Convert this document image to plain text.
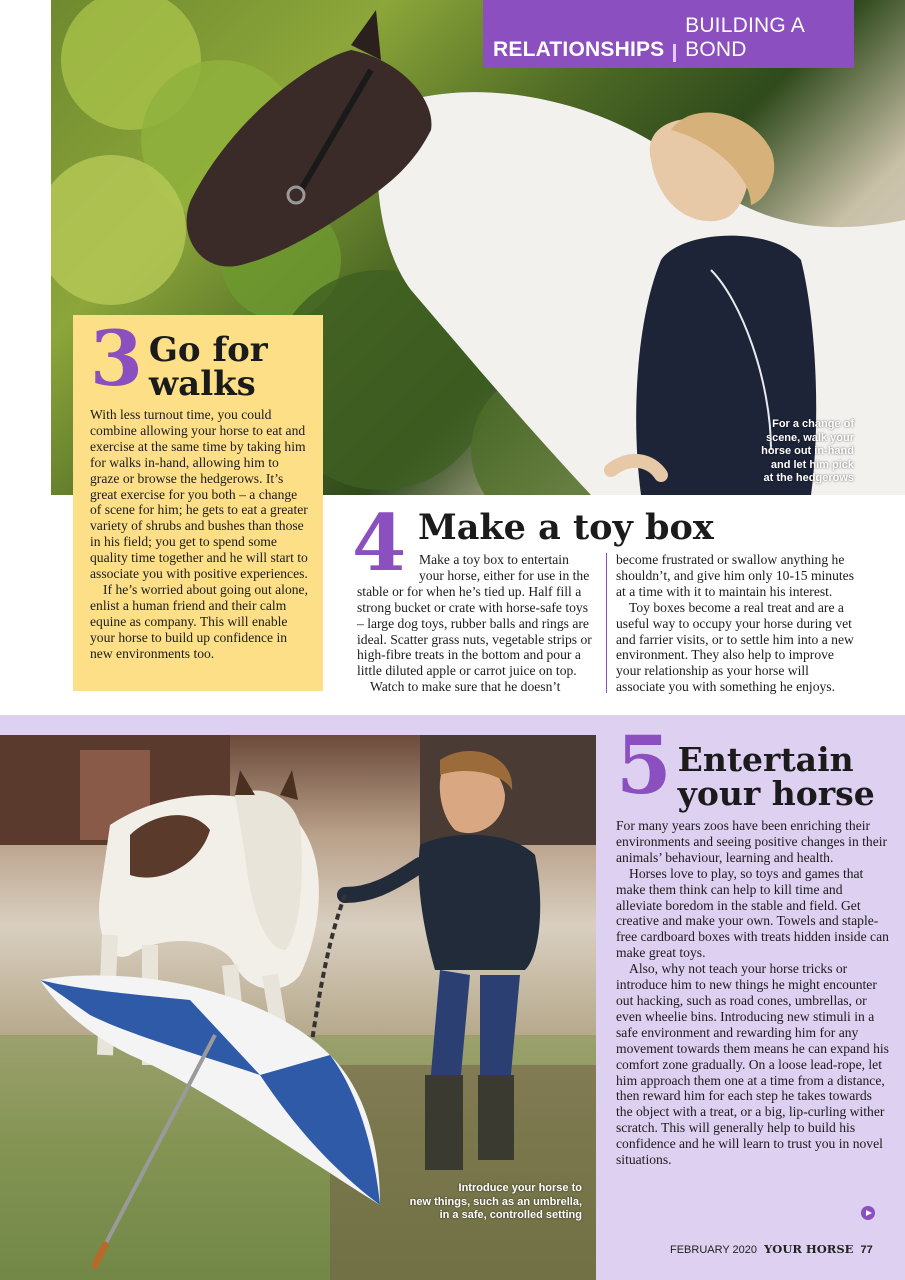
RELATIONSHIPS
BUILDING A BOND
For a change of
scene, walk your
horse out in-hand
and let him pick
at the hedgerows
3 Go for walks

With less turnout time, you could combine allowing your horse to eat and exercise at the same time by taking him for walks in-hand, allowing him to graze or browse the hedgerows. It’s great exercise for you both – a change of scene for him; he gets to eat a greater variety of shrubs and bushes than those in his field; you get to spend some quality time together and he will start to associate you with positive experiences.

If he’s worried about going out alone, enlist a human friend and their calm equine as company. This will enable your horse to build up confidence in new environments too.

4 Make a toy box

Make a toy box to entertain your horse, either for use in the

stable or for when he’s tied up. Half fill a strong bucket or crate with horse-safe toys – large dog toys, rubber balls and rings are ideal. Scatter grass nuts, vegetable strips or high-fibre treats in the bottom and pour a little diluted apple or carrot juice on top.

Watch to make sure that he doesn’t

become frustrated or swallow anything he shouldn’t, and give him only 10-15 minutes at a time with it to maintain his interest.

Toy boxes become a real treat and are a useful way to occupy your horse during vet and farrier visits, or to settle him into a new environment. They also help to improve your relationship as your horse will associate you with something he enjoys.

Introduce your horse to
new things, such as an umbrella,
in a safe, controlled setting
5 Entertain your horse

For many years zoos have been enriching their environments and seeing positive changes in their animals’ behaviour, learning and health.

Horses love to play, so toys and games that make them think can help to kill time and alleviate boredom in the stable and field. Get creative and make your own. Towels and staple-free cardboard boxes with treats hidden inside can make great toys.

Also, why not teach your horse tricks or introduce him to new things he might encounter out hacking, such as road cones, umbrellas, or even wheelie bins. Introducing new stimuli in a safe environment and rewarding him for any movement towards them means he can expand his comfort zone gradually. On a loose lead-rope, let him approach them one at a time from a distance, then reward him for each step he takes towards the object with a treat, or a big, lip-curling wither scratch. This will generally help to build his confidence and he will learn to trust you in novel situations.

FEBRUARY 2020 YOUR HORSE 77
